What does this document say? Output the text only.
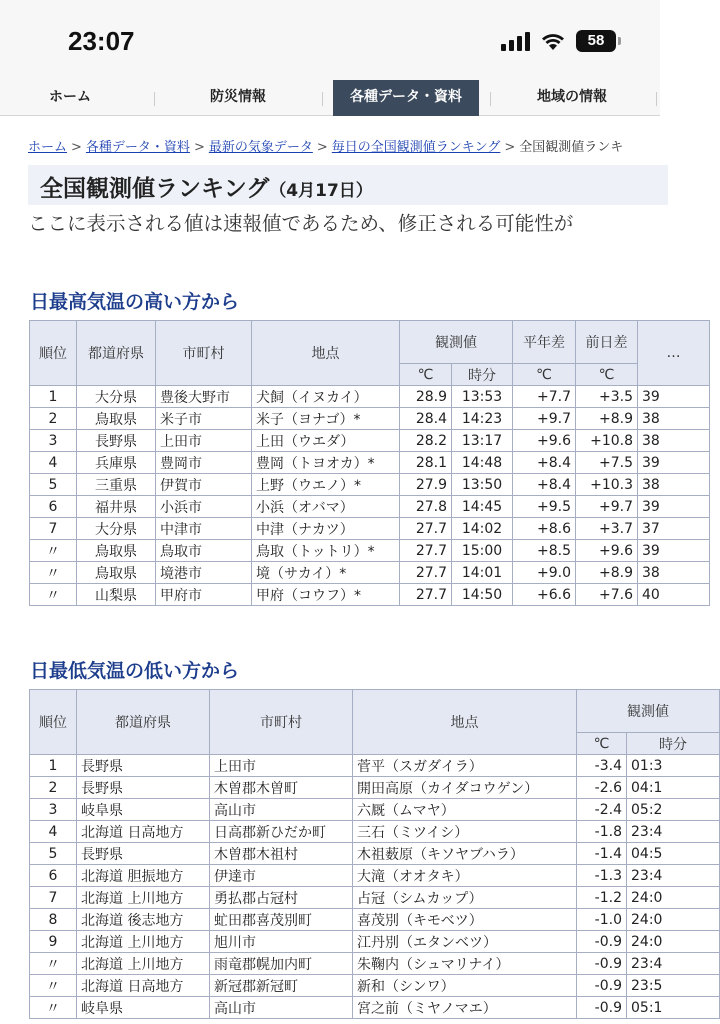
23:07	58
ホーム	防災情報	各種データ・資料	地域の情報
ホーム > 各種データ・資料 > 最新の気象データ > 毎日の全国観測値ランキング > 全国観測値ランキ
全国観測値ランキング（4月17日）
ここに表示される値は速報値であるため、修正される可能性が
日最高気温の高い方から
順位	都道府県	市町村	地点	観測値		平年差	前日差	…
				℃	時分	℃	℃	
1	大分県	豊後大野市	犬飼（イヌカイ）	28.9	13:53	+7.7	+3.5	39
2	鳥取県	米子市	米子（ヨナゴ）*	28.4	14:23	+9.7	+8.9	38
3	長野県	上田市	上田（ウエダ）	28.2	13:17	+9.6	+10.8	38
4	兵庫県	豊岡市	豊岡（トヨオカ）*	28.1	14:48	+8.4	+7.5	39
5	三重県	伊賀市	上野（ウエノ）*	27.9	13:50	+8.4	+10.3	38
6	福井県	小浜市	小浜（オバマ）	27.8	14:45	+9.5	+9.7	39
7	大分県	中津市	中津（ナカツ）	27.7	14:02	+8.6	+3.7	37
〃	鳥取県	鳥取市	鳥取（トットリ）*	27.7	15:00	+8.5	+9.6	39
〃	鳥取県	境港市	境（サカイ）*	27.7	14:01	+9.0	+8.9	38
〃	山梨県	甲府市	甲府（コウフ）*	27.7	14:50	+6.6	+7.6	40
日最低気温の低い方から
順位	都道府県	市町村	地点	観測値	
				℃	時分
1	長野県	上田市	菅平（スガダイラ）	-3.4	01:3
2	長野県	木曽郡木曽町	開田高原（カイダコウゲン）	-2.6	04:1
3	岐阜県	高山市	六厩（ムマヤ）	-2.4	05:2
4	北海道 日高地方	日高郡新ひだか町	三石（ミツイシ）	-1.8	23:4
5	長野県	木曽郡木祖村	木祖薮原（キソヤブハラ）	-1.4	04:5
6	北海道 胆振地方	伊達市	大滝（オオタキ）	-1.3	23:4
7	北海道 上川地方	勇払郡占冠村	占冠（シムカップ）	-1.2	24:0
8	北海道 後志地方	虻田郡喜茂別町	喜茂別（キモベツ）	-1.0	24:0
9	北海道 上川地方	旭川市	江丹別（エタンベツ）	-0.9	24:0
〃	北海道 上川地方	雨竜郡幌加内町	朱鞠内（シュマリナイ）	-0.9	23:4
〃	北海道 日高地方	新冠郡新冠町	新和（シンワ）	-0.9	23:5
〃	岐阜県	高山市	宮之前（ミヤノマエ）	-0.9	05:1
